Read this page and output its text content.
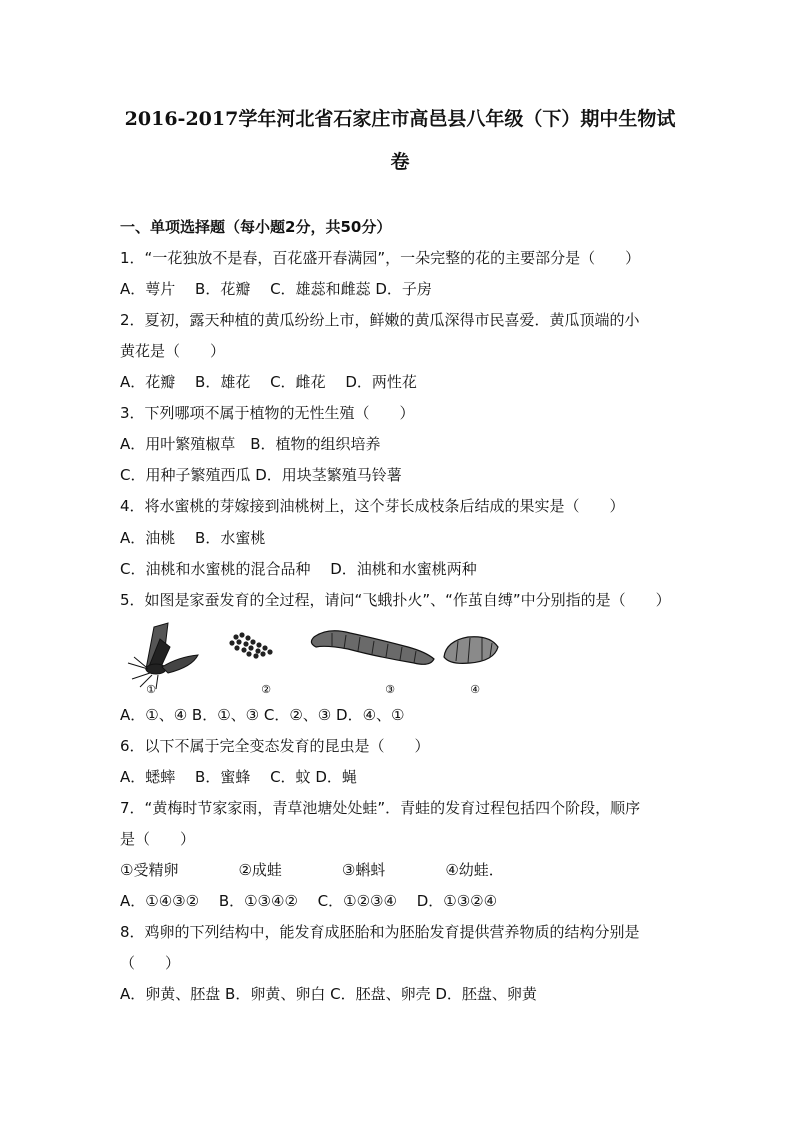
2016-2017学年河北省石家庄市高邑县八年级（下）期中生物试
卷
一、单项选择题（每小题2分，共50分）
1．“一花独放不是春，百花盛开春满园”，一朵完整的花的主要部分是（　　）
A．萼片　 B．花瓣　 C．雄蕊和雌蕊 D．子房
2．夏初，露天种植的黄瓜纷纷上市，鲜嫩的黄瓜深得市民喜爱．黄瓜顶端的小
黄花是（　　）
A．花瓣　 B．雄花　 C．雌花　 D．两性花
3．下列哪项不属于植物的无性生殖（　　）
A．用叶繁殖椒草　B．植物的组织培养
C．用种子繁殖西瓜 D．用块茎繁殖马铃薯
4．将水蜜桃的芽嫁接到油桃树上，这个芽长成枝条后结成的果实是（　　）
A．油桃　 B．水蜜桃
C．油桃和水蜜桃的混合品种　 D．油桃和水蜜桃两种
5．如图是家蚕发育的全过程，请问“飞蛾扑火”、“作茧自缚”中分别指的是（　　）
①	②	③	④
A．①、④ B．①、③ C．②、③ D．④、①
6．以下不属于完全变态发育的昆虫是（　　）
A．蟋蟀　 B．蜜蜂　 C．蚊 D．蝇
7．“黄梅时节家家雨，青草池塘处处蛙”．青蛙的发育过程包括四个阶段，顺序
是（　　）
①受精卵　　　　②成蛙　　　　③蝌蚪　　　　④幼蛙．
A．①④③②　 B．①③④②　 C．①②③④　 D．①③②④
8．鸡卵的下列结构中，能发育成胚胎和为胚胎发育提供营养物质的结构分别是
（　　）
A．卵黄、胚盘 B．卵黄、卵白 C．胚盘、卵壳 D．胚盘、卵黄
